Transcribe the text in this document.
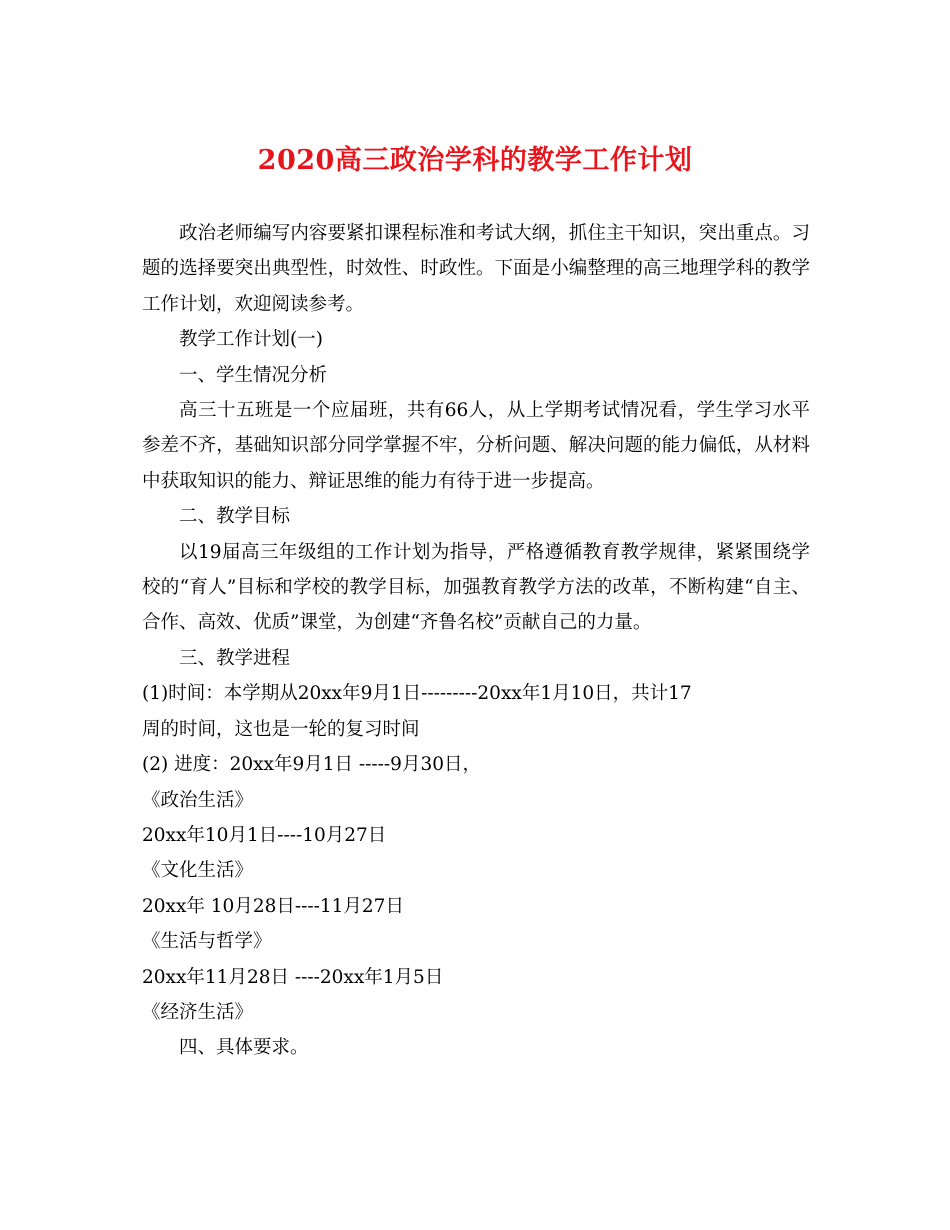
2020高三政治学科的教学工作计划

政治老师编写内容要紧扣课程标准和考试大纲，抓住主干知识，突出重点。习题的选择要突出典型性，时效性、时政性。下面是小编整理的高三地理学科的教学工作计划，欢迎阅读参考。

教学工作计划(一)

一、学生情况分析

高三十五班是一个应届班，共有66人，从上学期考试情况看，学生学习水平参差不齐，基础知识部分同学掌握不牢，分析问题、解决问题的能力偏低，从材料中获取知识的能力、辩证思维的能力有待于进一步提高。

二、教学目标

以19届高三年级组的工作计划为指导，严格遵循教育教学规律，紧紧围绕学校的“育人”目标和学校的教学目标，加强教育教学方法的改革，不断构建“自主、合作、高效、优质”课堂，为创建“齐鲁名校”贡献自己的力量。

三、教学进程

(1)时间：本学期从20xx年9月1日---------20xx年1月10日，共计17

周的时间，这也是一轮的复习时间

(2) 进度：20xx年9月1日 -----9月30日，

《政治生活》

20xx年10月1日----10月27日

《文化生活》

20xx年 10月28日----11月27日

《生活与哲学》

20xx年11月28日 ----20xx年1月5日

《经济生活》

四、具体要求。
